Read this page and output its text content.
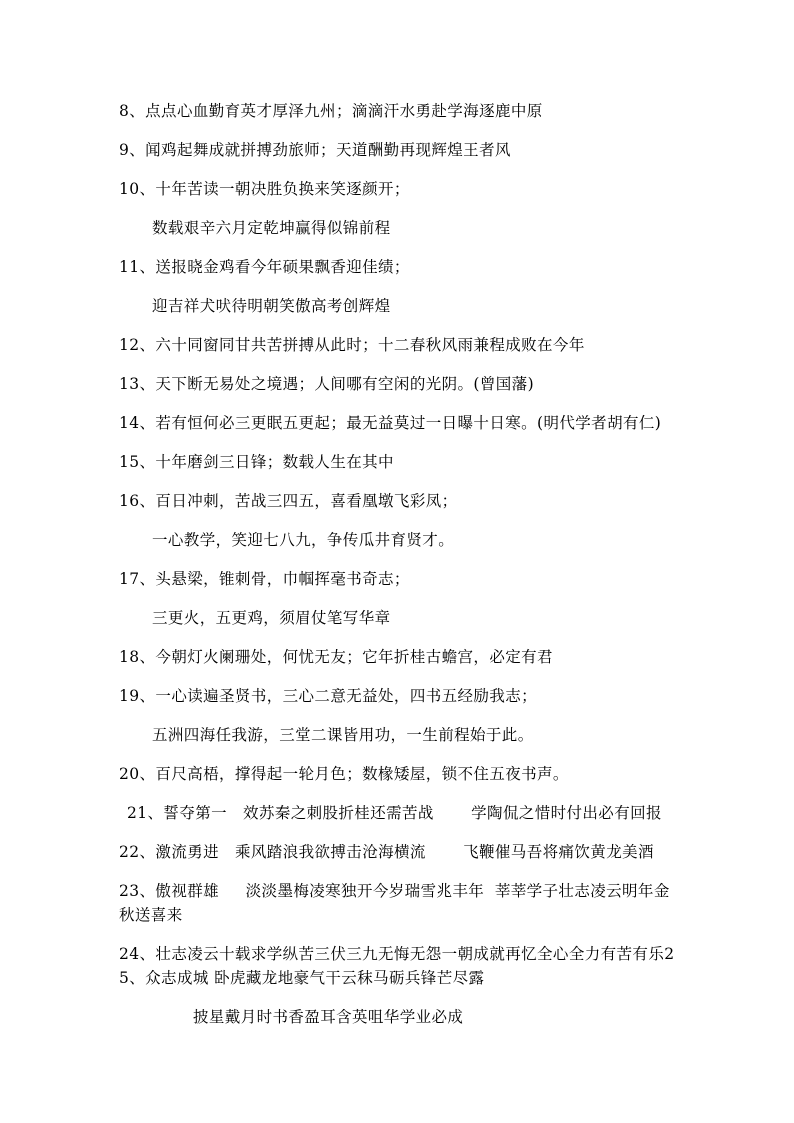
8、点点心血勤育英才厚泽九州；滴滴汗水勇赴学海逐鹿中原
9、闻鸡起舞成就拼搏劲旅师；天道酬勤再现辉煌王者风
10、十年苦读一朝决胜负换来笑逐颜开；
数载艰辛六月定乾坤赢得似锦前程
11、送报晓金鸡看今年硕果飘香迎佳绩；
迎吉祥犬吠待明朝笑傲高考创辉煌
12、六十同窗同甘共苦拼搏从此时；十二春秋风雨兼程成败在今年
13、天下断无易处之境遇；人间哪有空闲的光阴。(曾国藩)
14、若有恒何必三更眠五更起；最无益莫过一日曝十日寒。(明代学者胡有仁)
15、十年磨剑三日锋；数载人生在其中
16、百日冲刺，苦战三四五，喜看凰墩飞彩凤；
一心教学，笑迎七八九，争传瓜井育贤才。
17、头悬梁，锥刺骨，巾帼挥毫书奇志；
三更火，五更鸡，须眉仗笔写华章
18、今朝灯火阑珊处，何忧无友；它年折桂古蟾宫，必定有君
19、一心读遍圣贤书，三心二意无益处，四书五经励我志；
五洲四海任我游，三堂二课皆用功，一生前程始于此。
20、百尺高梧，撑得起一轮月色；数椽矮屋，锁不住五夜书声。
21、誓夺第一   效苏秦之刺股折桂还需苦战       学陶侃之惜时付出必有回报
22、激流勇进   乘风踏浪我欲搏击沧海横流       飞鞭催马吾将痛饮黄龙美酒
23、傲视群雄     淡淡墨梅凌寒独开今岁瑞雪兆丰年  莘莘学子壮志凌云明年金
秋送喜来
24、壮志凌云十载求学纵苦三伏三九无悔无怨一朝成就再忆全心全力有苦有乐2
5、众志成城 卧虎藏龙地豪气干云秣马砺兵锋芒尽露
披星戴月时书香盈耳含英咀华学业必成
